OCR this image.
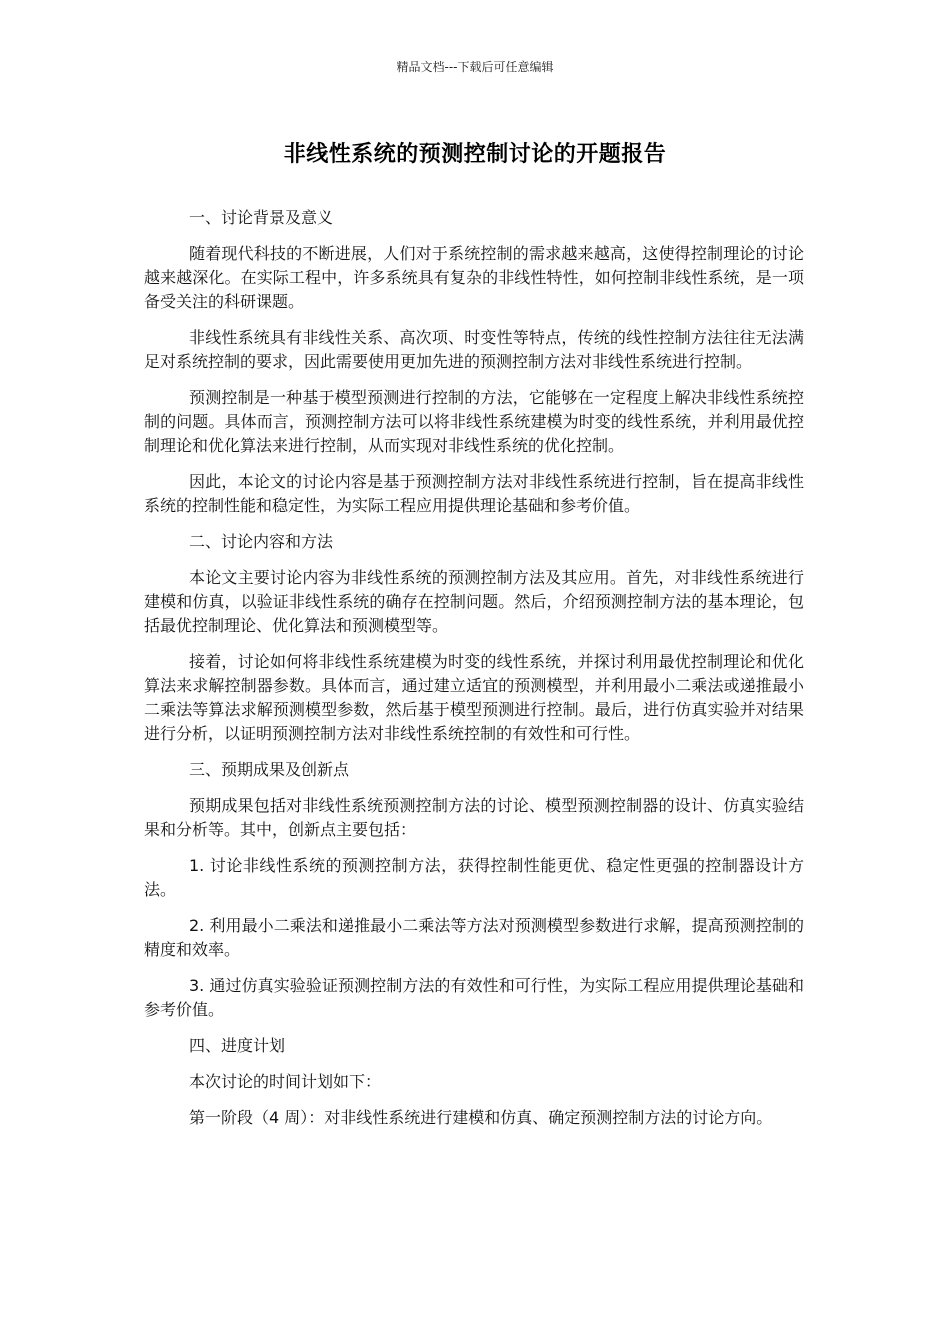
精品文档---下载后可任意编辑
非线性系统的预测控制讨论的开题报告

一、讨论背景及意义

随着现代科技的不断进展，人们对于系统控制的需求越来越高，这使得控制理论的讨论越来越深化。在实际工程中，许多系统具有复杂的非线性特性，如何控制非线性系统，是一项备受关注的科研课题。

非线性系统具有非线性关系、高次项、时变性等特点，传统的线性控制方法往往无法满足对系统控制的要求，因此需要使用更加先进的预测控制方法对非线性系统进行控制。

预测控制是一种基于模型预测进行控制的方法，它能够在一定程度上解决非线性系统控制的问题。具体而言，预测控制方法可以将非线性系统建模为时变的线性系统，并利用最优控制理论和优化算法来进行控制，从而实现对非线性系统的优化控制。

因此，本论文的讨论内容是基于预测控制方法对非线性系统进行控制，旨在提高非线性系统的控制性能和稳定性，为实际工程应用提供理论基础和参考价值。

二、讨论内容和方法

本论文主要讨论内容为非线性系统的预测控制方法及其应用。首先，对非线性系统进行建模和仿真，以验证非线性系统的确存在控制问题。然后，介绍预测控制方法的基本理论，包括最优控制理论、优化算法和预测模型等。

接着，讨论如何将非线性系统建模为时变的线性系统，并探讨利用最优控制理论和优化算法来求解控制器参数。具体而言，通过建立适宜的预测模型，并利用最小二乘法或递推最小二乘法等算法求解预测模型参数，然后基于模型预测进行控制。最后，进行仿真实验并对结果进行分析，以证明预测控制方法对非线性系统控制的有效性和可行性。

三、预期成果及创新点

预期成果包括对非线性系统预测控制方法的讨论、模型预测控制器的设计、仿真实验结果和分析等。其中，创新点主要包括：

1. 讨论非线性系统的预测控制方法，获得控制性能更优、稳定性更强的控制器设计方法。

2. 利用最小二乘法和递推最小二乘法等方法对预测模型参数进行求解，提高预测控制的精度和效率。

3. 通过仿真实验验证预测控制方法的有效性和可行性，为实际工程应用提供理论基础和参考价值。

四、进度计划

本次讨论的时间计划如下：

第一阶段（4 周）：对非线性系统进行建模和仿真、确定预测控制方法的讨论方向。
